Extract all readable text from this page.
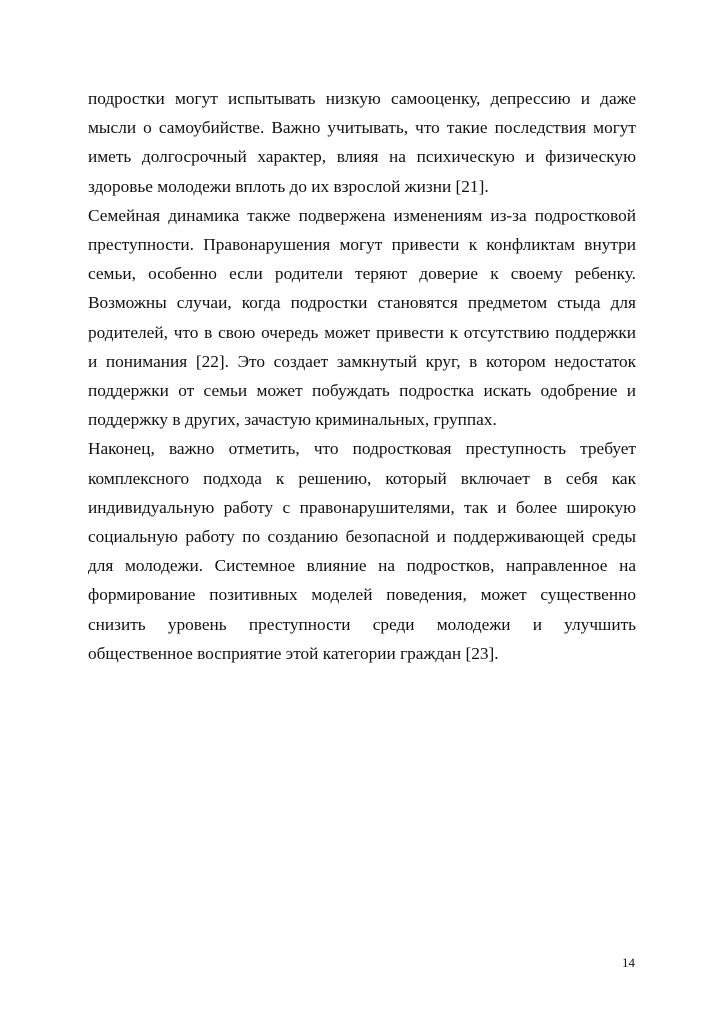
подростки могут испытывать низкую самооценку, депрессию и даже мысли о самоубийстве. Важно учитывать, что такие последствия могут иметь долгосрочный характер, влияя на психическую и физическую здоровье молодежи вплоть до их взрослой жизни [21].

Семейная динамика также подвержена изменениям из-за подростковой преступности. Правонарушения могут привести к конфликтам внутри семьи, особенно если родители теряют доверие к своему ребенку. Возможны случаи, когда подростки становятся предметом стыда для родителей, что в свою очередь может привести к отсутствию поддержки и понимания [22]. Это создает замкнутый круг, в котором недостаток поддержки от семьи может побуждать подростка искать одобрение и поддержку в других, зачастую криминальных, группах.

Наконец, важно отметить, что подростковая преступность требует комплексного подхода к решению, который включает в себя как индивидуальную работу с правонарушителями, так и более широкую социальную работу по созданию безопасной и поддерживающей среды для молодежи. Системное влияние на подростков, направленное на формирование позитивных моделей поведения, может существенно снизить уровень преступности среди молодежи и улучшить общественное восприятие этой категории граждан [23].

14
